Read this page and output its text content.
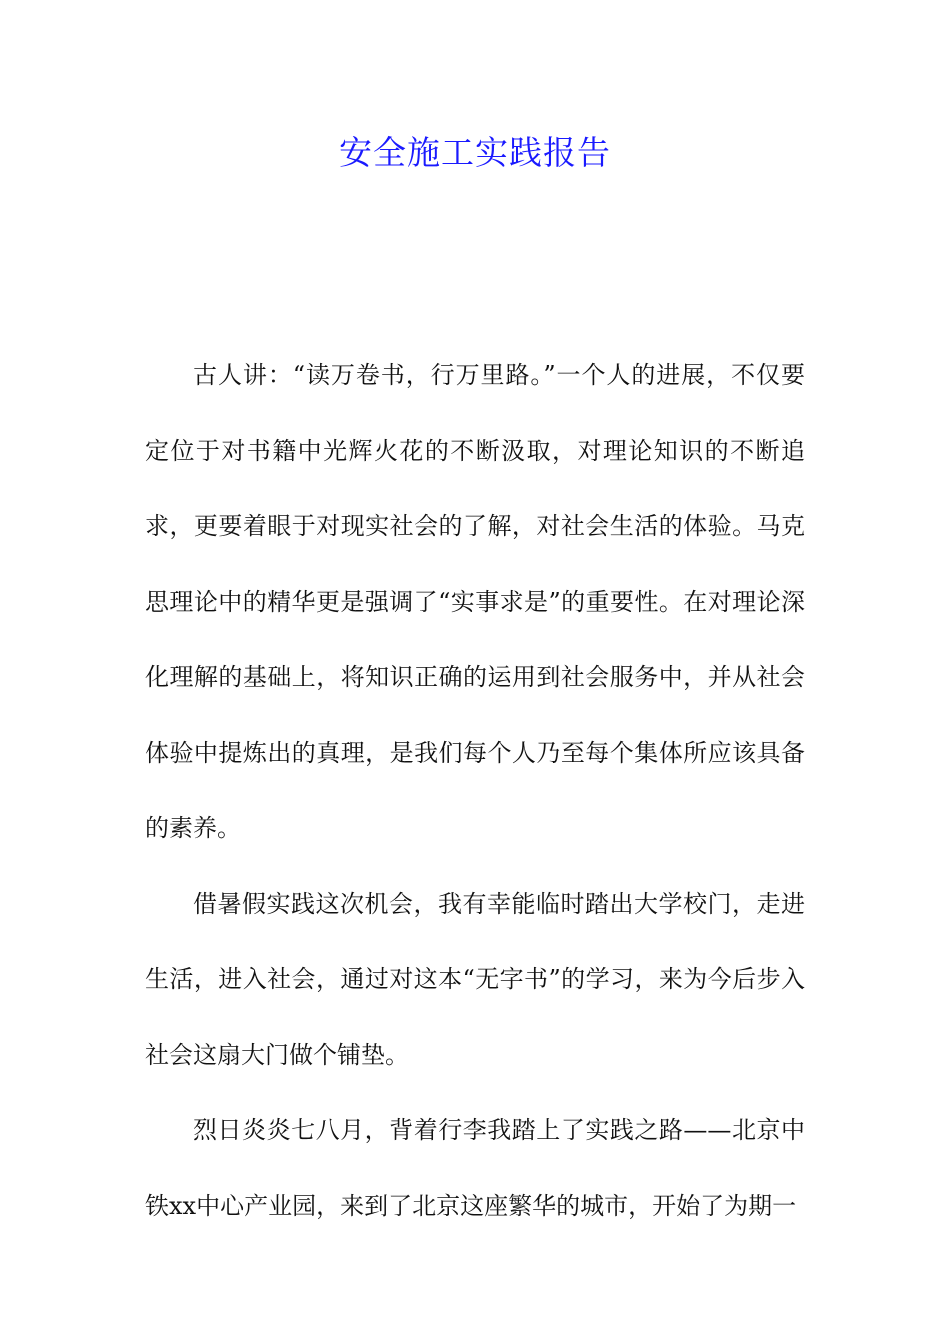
安全施工实践报告

古人讲：“读万卷书，行万里路。”一个人的进展，不仅要定位于对书籍中光辉火花的不断汲取，对理论知识的不断追求，更要着眼于对现实社会的了解，对社会生活的体验。马克思理论中的精华更是强调了“实事求是”的重要性。在对理论深化理解的基础上，将知识正确的运用到社会服务中，并从社会体验中提炼出的真理，是我们每个人乃至每个集体所应该具备的素养。

借暑假实践这次机会，我有幸能临时踏出大学校门，走进生活，进入社会，通过对这本“无字书”的学习，来为今后步入社会这扇大门做个铺垫。

烈日炎炎七八月，背着行李我踏上了实践之路——北京中铁xx中心产业园，来到了北京这座繁华的城市，开始了为期一
